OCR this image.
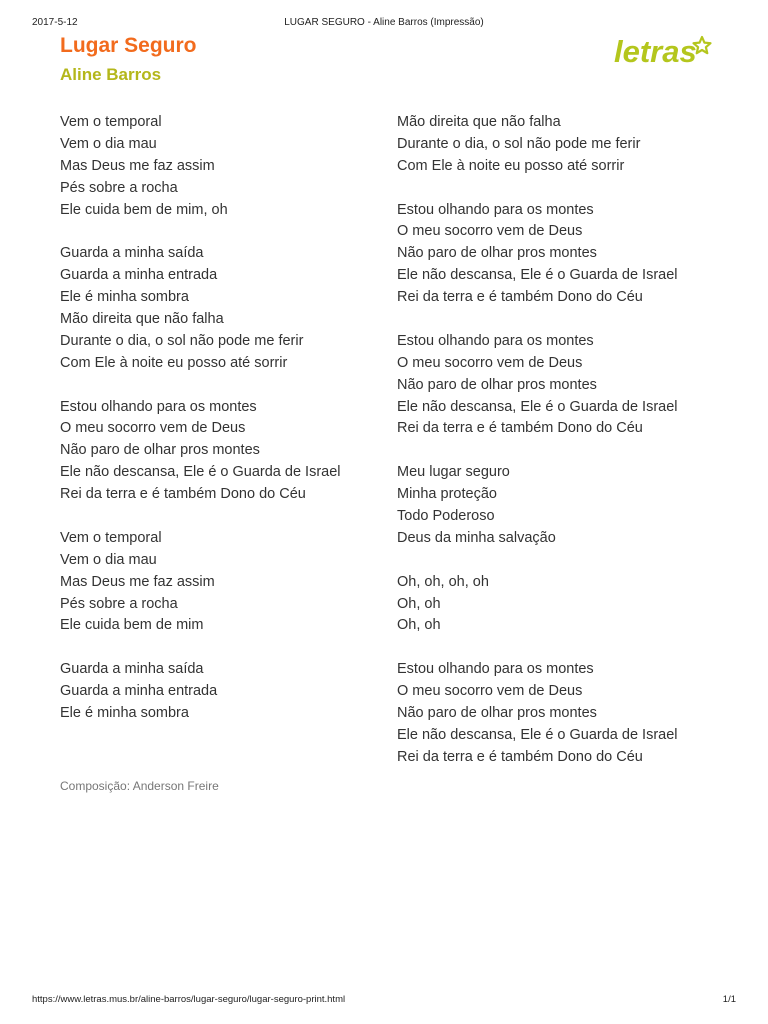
2017-5-12	LUGAR SEGURO - Aline Barros (Impressão)
Lugar Seguro
Aline Barros
letras
Vem o temporal
Vem o dia mau
Mas Deus me faz assim
Pés sobre a rocha
Ele cuida bem de mim, oh
Guarda a minha saída
Guarda a minha entrada
Ele é minha sombra
Mão direita que não falha
Durante o dia, o sol não pode me ferir
Com Ele à noite eu posso até sorrir
Estou olhando para os montes
O meu socorro vem de Deus
Não paro de olhar pros montes
Ele não descansa, Ele é o Guarda de Israel
Rei da terra e é também Dono do Céu
Vem o temporal
Vem o dia mau
Mas Deus me faz assim
Pés sobre a rocha
Ele cuida bem de mim
Guarda a minha saída
Guarda a minha entrada
Ele é minha sombra
Mão direita que não falha
Durante o dia, o sol não pode me ferir
Com Ele à noite eu posso até sorrir
Estou olhando para os montes
O meu socorro vem de Deus
Não paro de olhar pros montes
Ele não descansa, Ele é o Guarda de Israel
Rei da terra e é também Dono do Céu
Estou olhando para os montes
O meu socorro vem de Deus
Não paro de olhar pros montes
Ele não descansa, Ele é o Guarda de Israel
Rei da terra e é também Dono do Céu
Meu lugar seguro
Minha proteção
Todo Poderoso
Deus da minha salvação
Oh, oh, oh, oh
Oh, oh
Oh, oh
Estou olhando para os montes
O meu socorro vem de Deus
Não paro de olhar pros montes
Ele não descansa, Ele é o Guarda de Israel
Rei da terra e é também Dono do Céu
Composição: Anderson Freire
https://www.letras.mus.br/aline-barros/lugar-seguro/lugar-seguro-print.html	1/1
